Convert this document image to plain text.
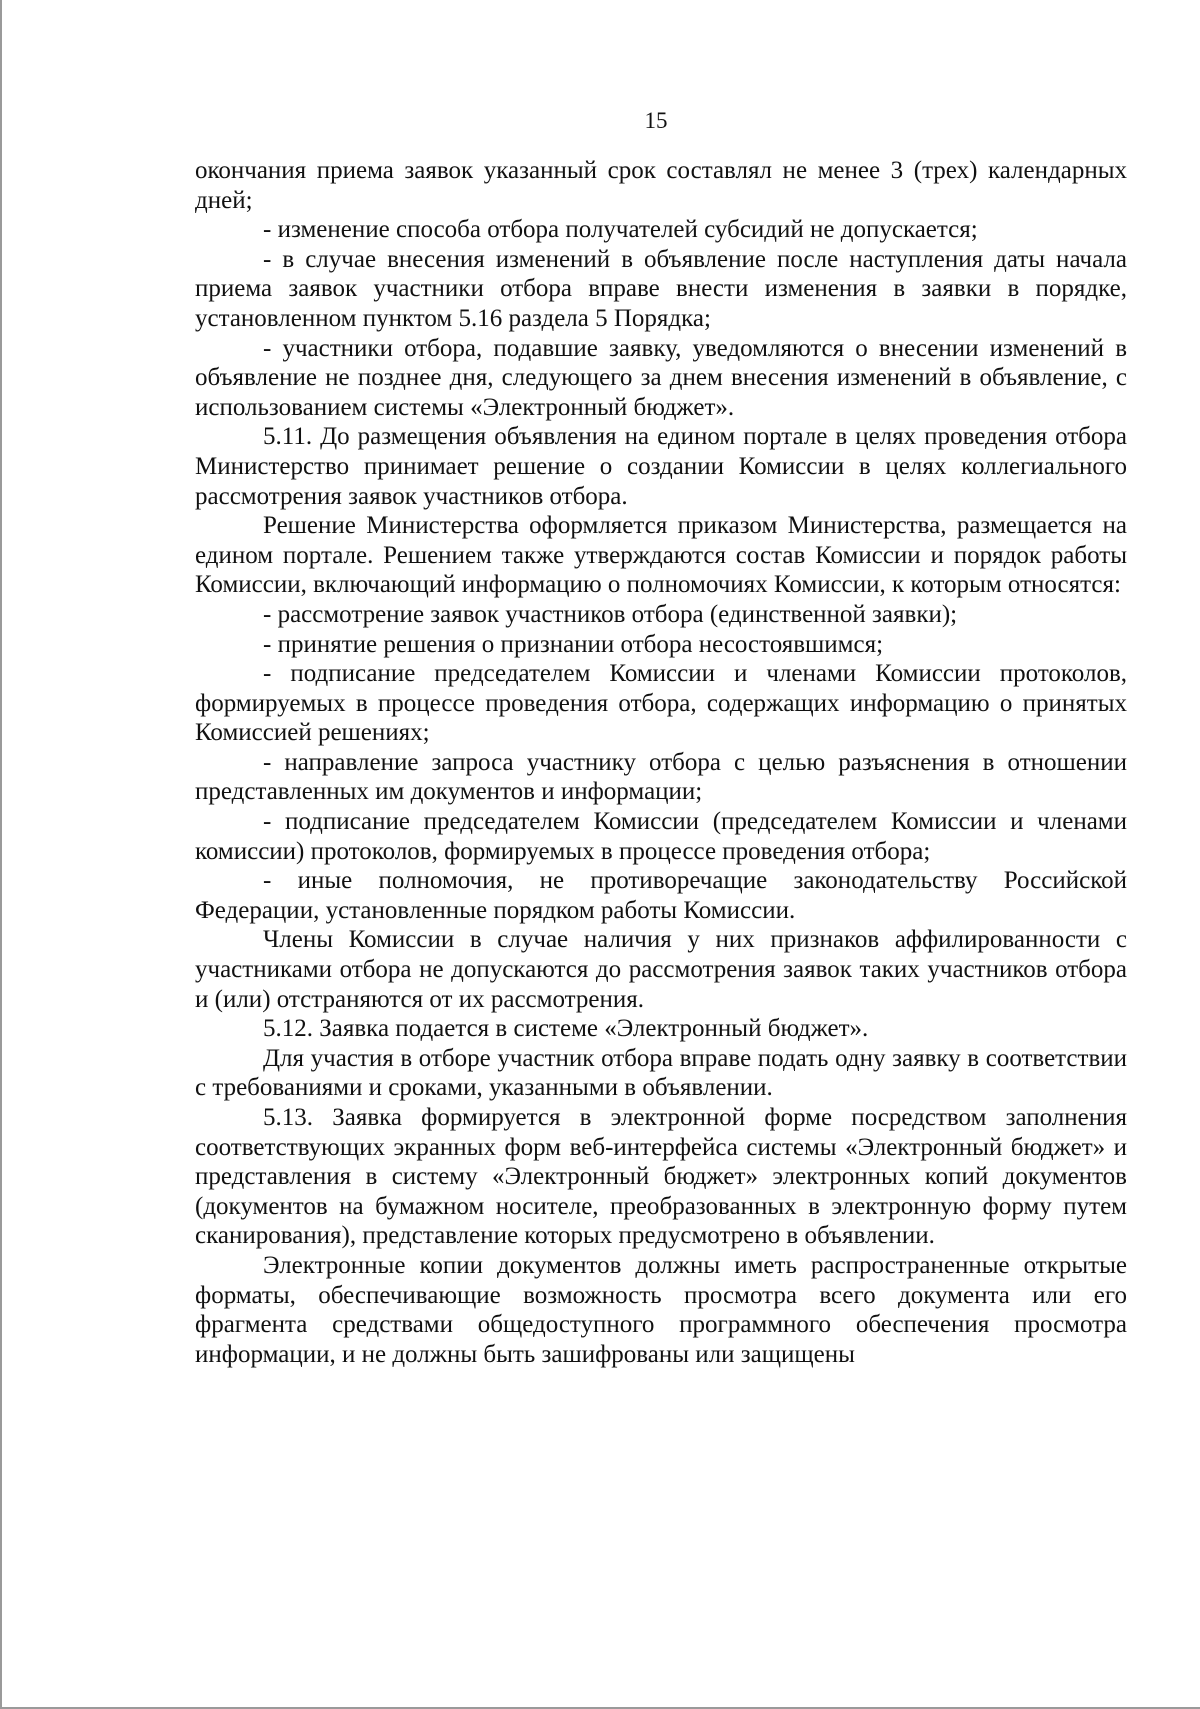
15

окончания приема заявок указанный срок составлял не менее 3 (трех) календарных дней;

- изменение способа отбора получателей субсидий не допускается;

- в случае внесения изменений в объявление после наступления даты начала приема заявок участники отбора вправе внести изменения в заявки в порядке, установленном пунктом 5.16 раздела 5 Порядка;

- участники отбора, подавшие заявку, уведомляются о внесении изменений в объявление не позднее дня, следующего за днем внесения изменений в объявление, с использованием системы «Электронный бюджет».

5.11. До размещения объявления на едином портале в целях проведения отбора Министерство принимает решение о создании Комиссии в целях коллегиального рассмотрения заявок участников отбора.

Решение Министерства оформляется приказом Министерства, размещается на едином портале. Решением также утверждаются состав Комиссии и порядок работы Комиссии, включающий информацию о полномочиях Комиссии, к которым относятся:

- рассмотрение заявок участников отбора (единственной заявки);

- принятие решения о признании отбора несостоявшимся;

- подписание председателем Комиссии и членами Комиссии протоколов, формируемых в процессе проведения отбора, содержащих информацию о принятых Комиссией решениях;

- направление запроса участнику отбора с целью разъяснения в отношении представленных им документов и информации;

- подписание председателем Комиссии (председателем Комиссии и членами комиссии) протоколов, формируемых в процессе проведения отбора;

- иные полномочия, не противоречащие законодательству Российской Федерации, установленные порядком работы Комиссии.

Члены Комиссии в случае наличия у них признаков аффилированности с участниками отбора не допускаются до рассмотрения заявок таких участников отбора и (или) отстраняются от их рассмотрения.

5.12. Заявка подается в системе «Электронный бюджет».

Для участия в отборе участник отбора вправе подать одну заявку в соответствии с требованиями и сроками, указанными в объявлении.

5.13. Заявка формируется в электронной форме посредством заполнения соответствующих экранных форм веб-интерфейса системы «Электронный бюджет» и представления в систему «Электронный бюджет» электронных копий документов (документов на бумажном носителе, преобразованных в электронную форму путем сканирования), представление которых предусмотрено в объявлении.

Электронные копии документов должны иметь распространенные открытые форматы, обеспечивающие возможность просмотра всего документа или его фрагмента средствами общедоступного программного обеспечения просмотра информации, и не должны быть зашифрованы или защищены
